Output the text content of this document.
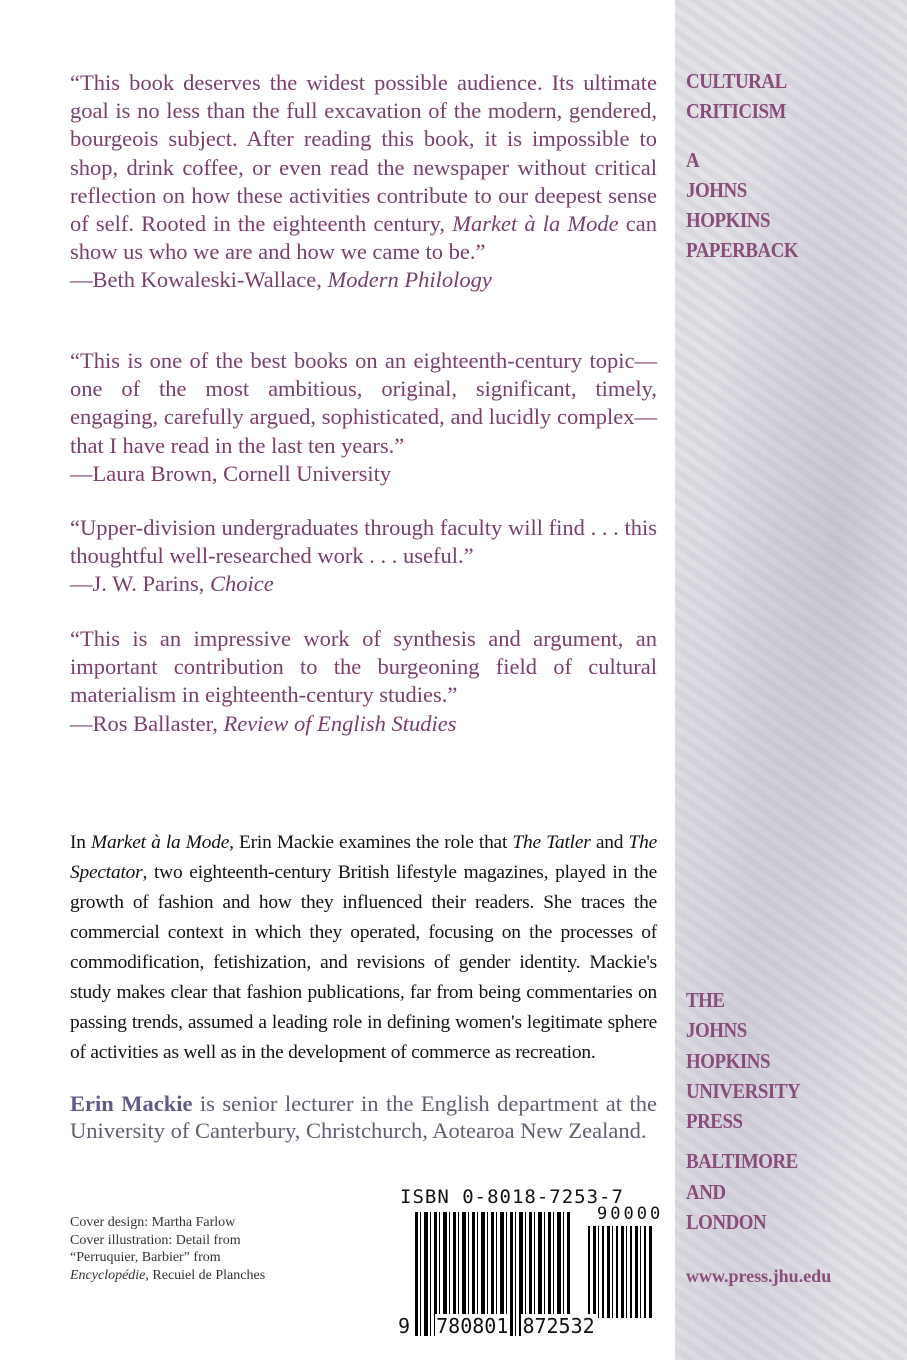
“This book deserves the widest possible audience. Its ultimate goal is no less than the full excavation of the modern, gendered, bourgeois subject. After reading this book, it is impossible to shop, drink coffee, or even read the newspaper without critical reflection on how these activities contribute to our deepest sense of self. Rooted in the eighteenth century, Market à la Mode can show us who we are and how we came to be.”
—Beth Kowaleski-Wallace, Modern Philology
“This is one of the best books on an eighteenth-century topic—one of the most ambitious, original, significant, timely, engaging, carefully argued, sophisticated, and lucidly complex—that I have read in the last ten years.”
—Laura Brown, Cornell University
“Upper-division undergraduates through faculty will find . . . this thoughtful well-researched work . . . useful.”
—J. W. Parins, Choice
“This is an impressive work of synthesis and argument, an important contribution to the burgeoning field of cultural materialism in eighteenth-century studies.”
—Ros Ballaster, Review of English Studies
In Market à la Mode, Erin Mackie examines the role that The Tatler and The Spectator, two eighteenth-century British lifestyle magazines, played in the growth of fashion and how they influenced their readers. She traces the commercial context in which they operated, focusing on the processes of commodification, fetishization, and revisions of gender identity. Mackie's study makes clear that fashion publications, far from being commentaries on passing trends, assumed a leading role in defining women's legitimate sphere of activities as well as in the development of commerce as recreation.
Erin Mackie is senior lecturer in the English department at the University of Canterbury, Christchurch, Aotearoa New Zealand.
Cover design: Martha Farlow
Cover illustration: Detail from
“Perruquier, Barbier” from
Encyclopédie, Recuiel de Planches
ISBN 0-8018-7253-7
90000
9 780801 872532
CULTURAL
CRITICISM
A
JOHNS
HOPKINS
PAPERBACK
THE
JOHNS
HOPKINS
UNIVERSITY
PRESS
BALTIMORE
AND
LONDON
www.press.jhu.edu
